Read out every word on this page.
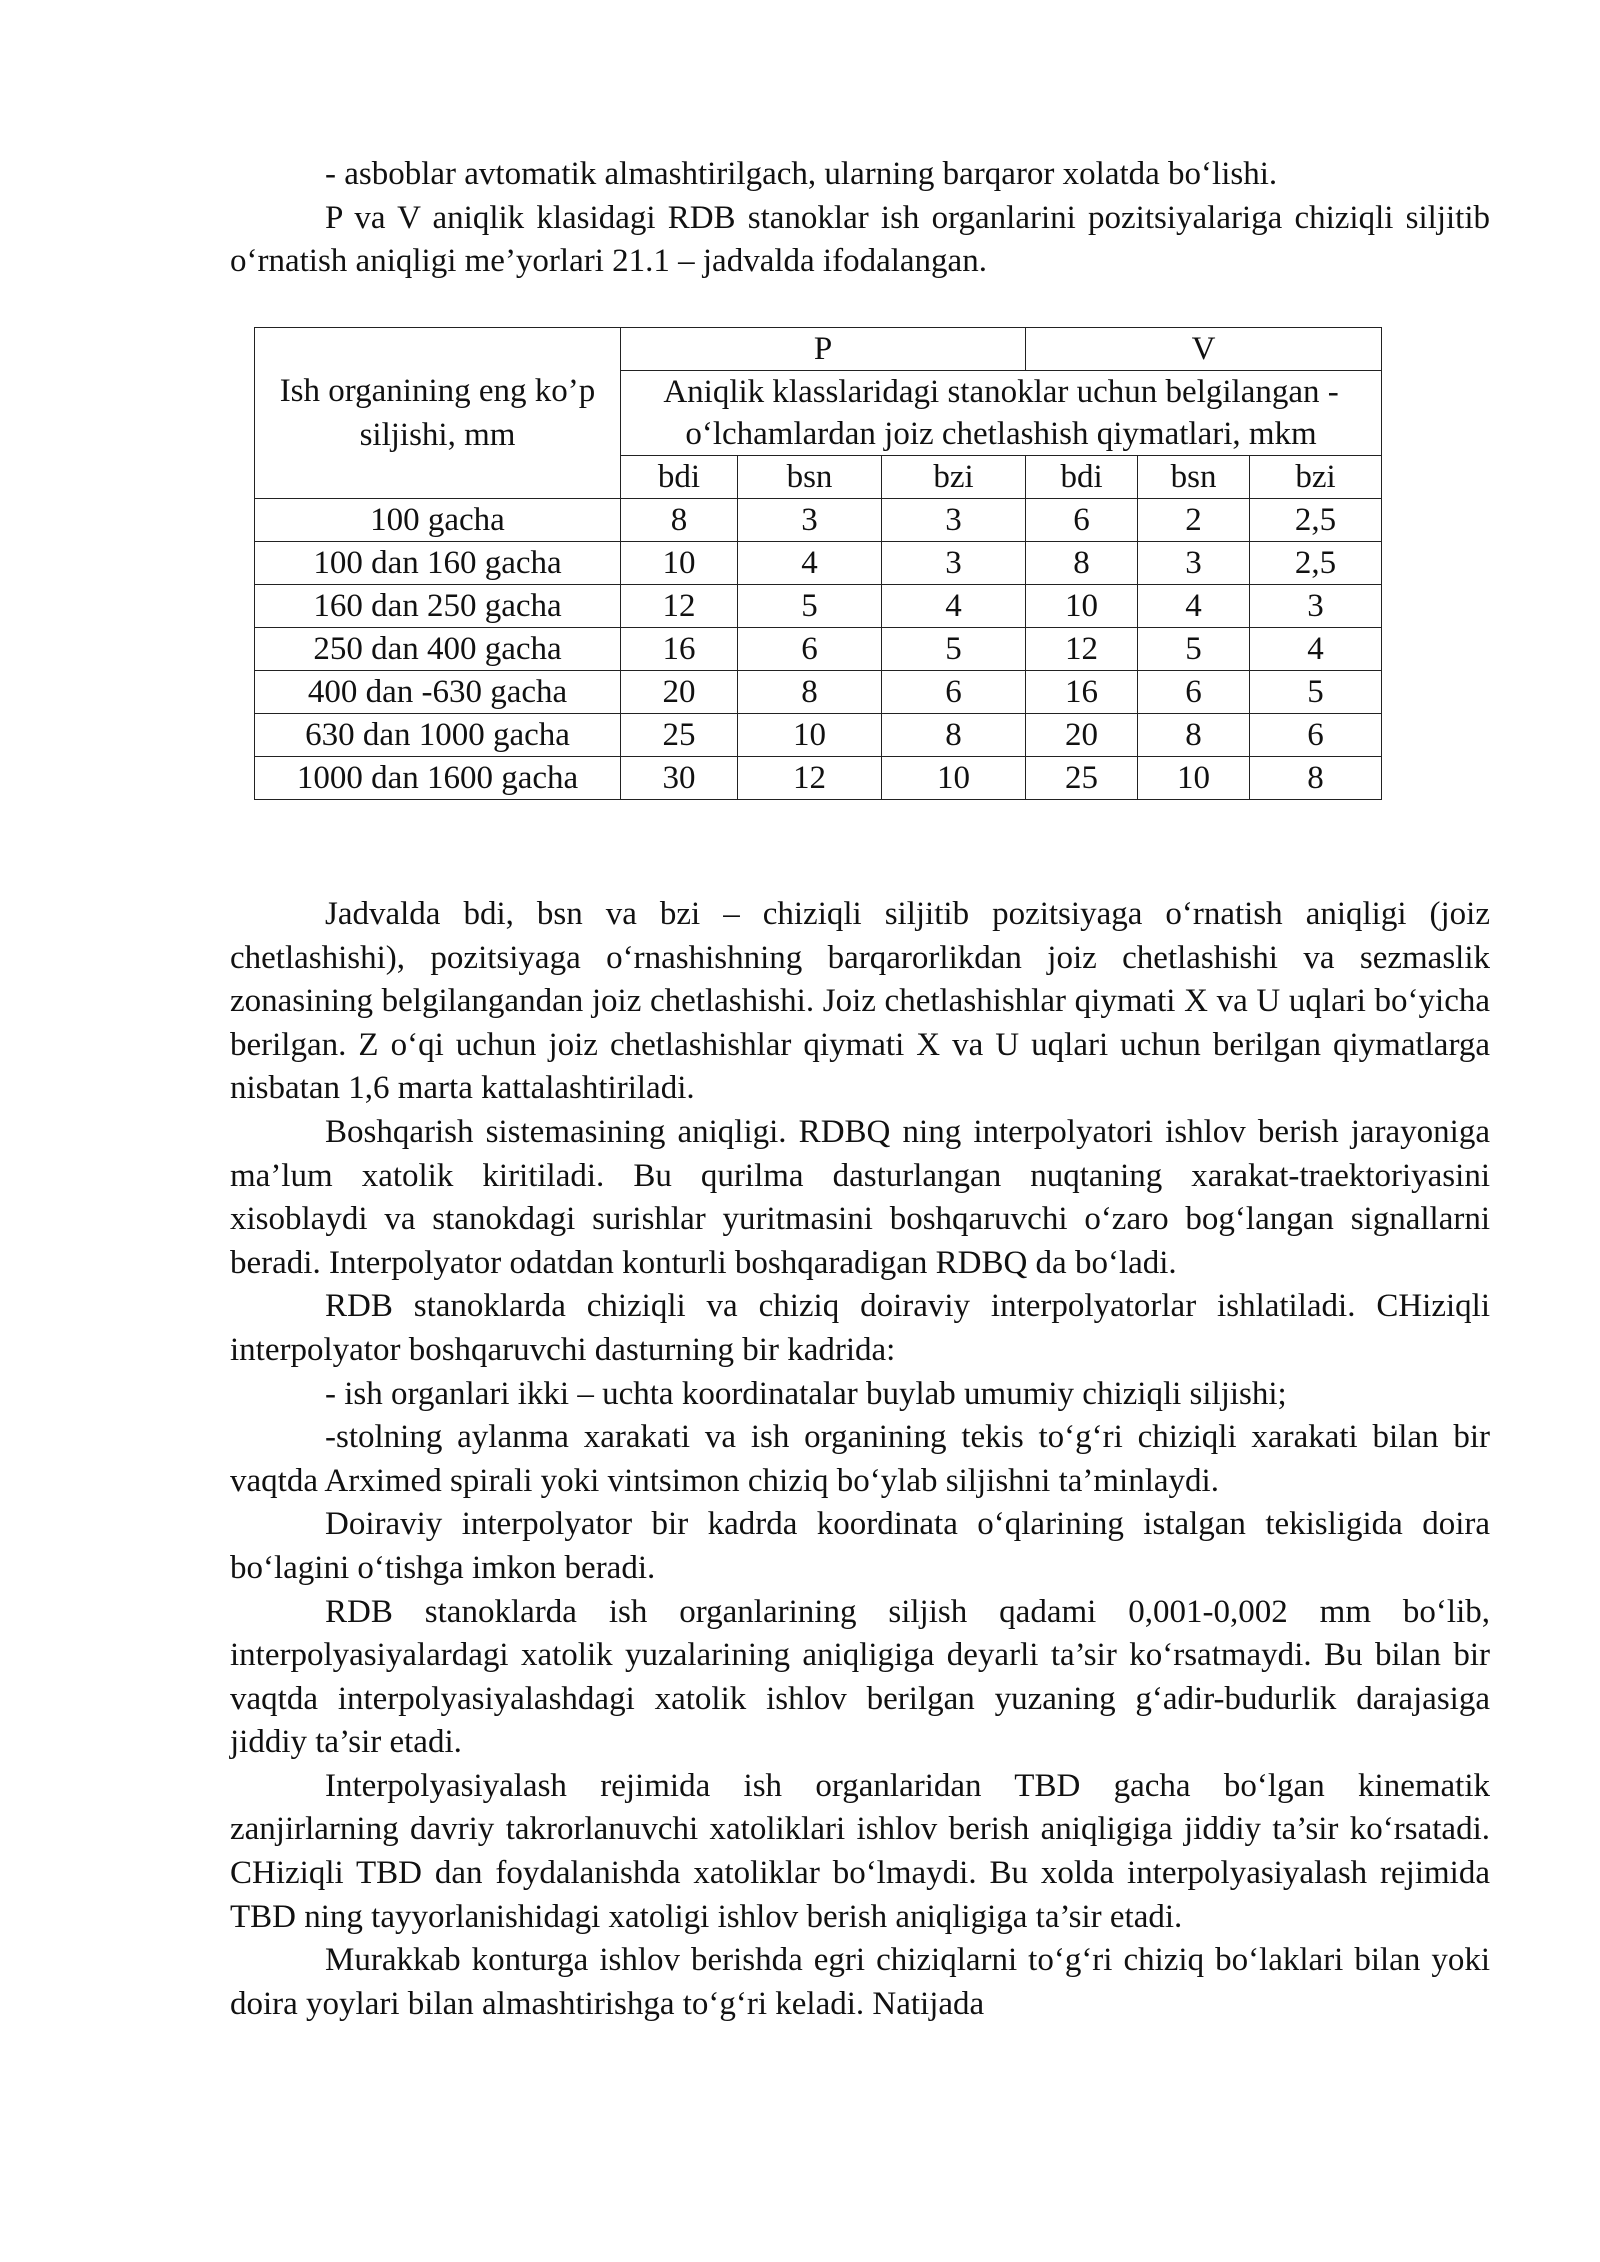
- asboblar avtomatik almashtirilgach, ularning barqaror xolatda bo‘lishi.

P va V aniqlik klasidagi RDB stanoklar ish organlarini pozitsiyalariga chiziqli siljitib o‘rnatish aniqligi me’yorlari 21.1 – jadvalda ifodalangan.

Ish organining eng ko’p siljishi, mm	P			V		
	Aniqlik klasslaridagi stanoklar uchun belgilangan - o‘lchamlardan joiz chetlashish qiymatlari, mkm					
	bdi	bsn	bzi	bdi	bsn	bzi
100 gacha	8	3	3	6	2	2,5
100 dan 160 gacha	10	4	3	8	3	2,5
160 dan 250 gacha	12	5	4	10	4	3
250 dan 400 gacha	16	6	5	12	5	4
400 dan -630 gacha	20	8	6	16	6	5
630 dan 1000 gacha	25	10	8	20	8	6
1000 dan 1600 gacha	30	12	10	25	10	8

Jadvalda bdi, bsn va bzi – chiziqli siljitib pozitsiyaga o‘rnatish aniqligi (joiz chetlashishi), pozitsiyaga o‘rnashishning barqarorlikdan joiz chetlashishi va sezmaslik zonasining belgilangandan joiz chetlashishi. Joiz chetlashishlar qiymati X va U uqlari bo‘yicha berilgan. Z o‘qi uchun joiz chetlashishlar qiymati X va U uqlari uchun berilgan qiymatlarga nisbatan 1,6 marta kattalashtiriladi.

Boshqarish sistemasining aniqligi. RDBQ ning interpolyatori ishlov berish jarayoniga ma’lum xatolik kiritiladi. Bu qurilma dasturlangan nuqtaning xarakat-traektoriyasini xisoblaydi va stanokdagi surishlar yuritmasini boshqaruvchi o‘zaro bog‘langan signallarni beradi. Interpolyator odatdan konturli boshqaradigan RDBQ da bo‘ladi.

RDB stanoklarda chiziqli va chiziq doiraviy interpolyatorlar ishlatiladi. CHiziqli interpolyator boshqaruvchi dasturning bir kadrida:

- ish organlari ikki – uchta koordinatalar buylab umumiy chiziqli siljishi;

-stolning aylanma xarakati va ish organining tekis to‘g‘ri chiziqli xarakati bilan bir vaqtda Arximed spirali yoki vintsimon chiziq bo‘ylab siljishni ta’minlaydi.

Doiraviy interpolyator bir kadrda koordinata o‘qlarining istalgan tekisligida doira bo‘lagini o‘tishga imkon beradi.

RDB stanoklarda ish organlarining siljish qadami 0,001-0,002 mm bo‘lib, interpolyasiyalardagi xatolik yuzalarining aniqligiga deyarli ta’sir ko‘rsatmaydi. Bu bilan bir vaqtda interpolyasiyalashdagi xatolik ishlov berilgan yuzaning g‘adir-budurlik darajasiga jiddiy ta’sir etadi.

Interpolyasiyalash rejimida ish organlaridan TBD gacha bo‘lgan kinematik zanjirlarning davriy takrorlanuvchi xatoliklari ishlov berish aniqligiga jiddiy ta’sir ko‘rsatadi. CHiziqli TBD dan foydalanishda xatoliklar bo‘lmaydi. Bu xolda interpolyasiyalash rejimida TBD ning tayyorlanishidagi xatoligi ishlov berish aniqligiga ta’sir etadi.

Murakkab konturga ishlov berishda egri chiziqlarni to‘g‘ri chiziq bo‘laklari bilan yoki doira yoylari bilan almashtirishga to‘g‘ri keladi. Natijada
